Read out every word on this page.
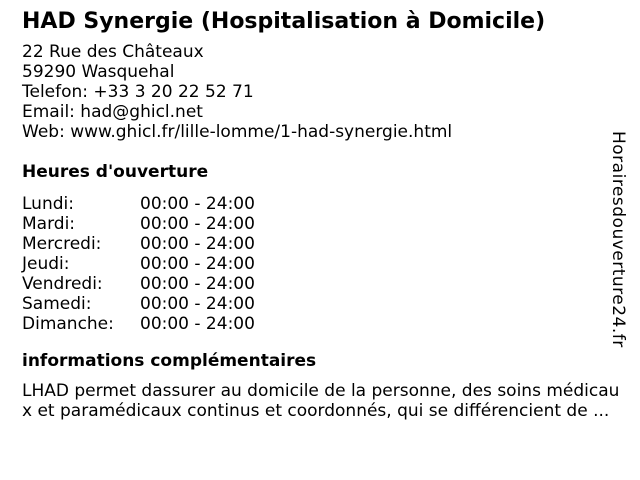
HAD Synergie (Hospitalisation à Domicile)
22 Rue des Châteaux
59290 Wasquehal
Telefon: +33 3 20 22 52 71
Email: had@ghicl.net
Web: www.ghicl.fr/lille-lomme/1-had-synergie.html
Heures d'ouverture
Lundi:	00:00 - 24:00
Mardi:	00:00 - 24:00
Mercredi:	00:00 - 24:00
Jeudi:	00:00 - 24:00
Vendredi:	00:00 - 24:00
Samedi:	00:00 - 24:00
Dimanche:	00:00 - 24:00
informations complémentaires
LHAD permet dassurer au domicile de la personne, des soins médicau
x et paramédicaux continus et coordonnés, qui se différencient de ...
Horairesdouverture24.fr
